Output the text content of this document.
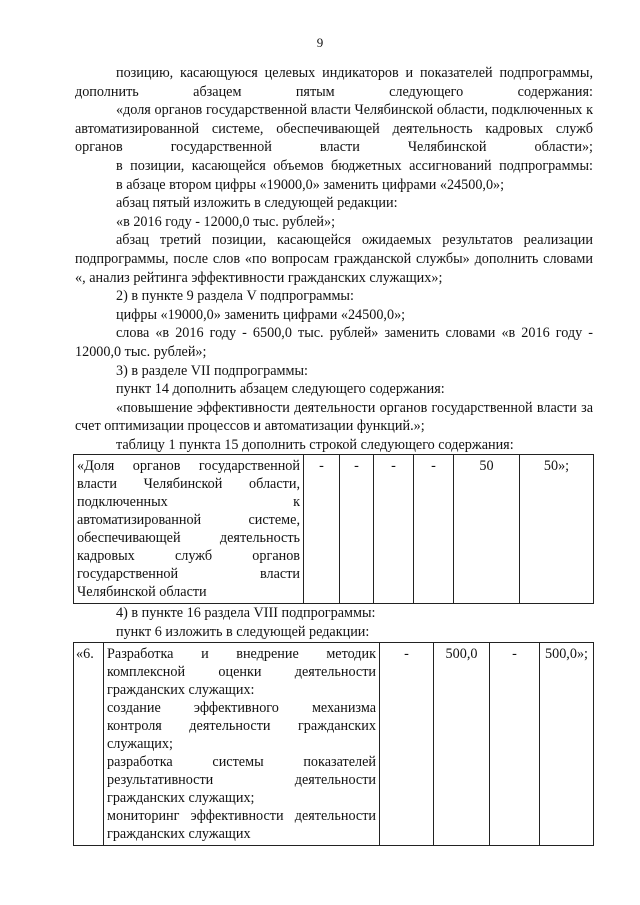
9

позицию, касающуюся целевых индикаторов и показателей подпрограммы, дополнить абзацем пятым следующего содержания:

«доля органов государственной власти Челябинской области, подключенных к автоматизированной системе, обеспечивающей деятельность кадровых служб органов государственной власти Челябинской области»;

в позиции, касающейся объемов бюджетных ассигнований подпрограммы:

в абзаце втором цифры «19000,0» заменить цифрами «24500,0»;

абзац пятый изложить в следующей редакции:

«в 2016 году - 12000,0 тыс. рублей»;

абзац третий позиции, касающейся ожидаемых результатов реализации подпрограммы, после слов «по вопросам гражданской службы» дополнить словами «, анализ рейтинга эффективности гражданских служащих»;

2) в пункте 9 раздела V подпрограммы:

цифры «19000,0» заменить цифрами «24500,0»;

слова «в 2016 году - 6500,0 тыс. рублей» заменить словами «в 2016 году - 12000,0 тыс. рублей»;

3) в разделе VII подпрограммы:

пункт 14 дополнить абзацем следующего содержания:

«повышение эффективности деятельности органов государственной власти за счет оптимизации процессов и автоматизации функций.»;

таблицу 1 пункта 15 дополнить строкой следующего содержания:

«Доля органов государственной
власти Челябинской области,
подключенных к
автоматизированной системе,
обеспечивающей деятельность
кадровых служб органов
государственной власти
Челябинской области
	-	-	-	-	50	50»;

4) в пункте 16 раздела VIII подпрограммы:

пункт 6 изложить в следующей редакции:

«6.	Разработка и внедрение методик
комплексной оценки деятельности
гражданских служащих:
создание эффективного механизма
контроля деятельности гражданских
служащих;
разработка системы показателей
результативности деятельности
гражданских служащих;
мониторинг эффективности деятельности
гражданских служащих
	-	500,0	-	500,0»;
